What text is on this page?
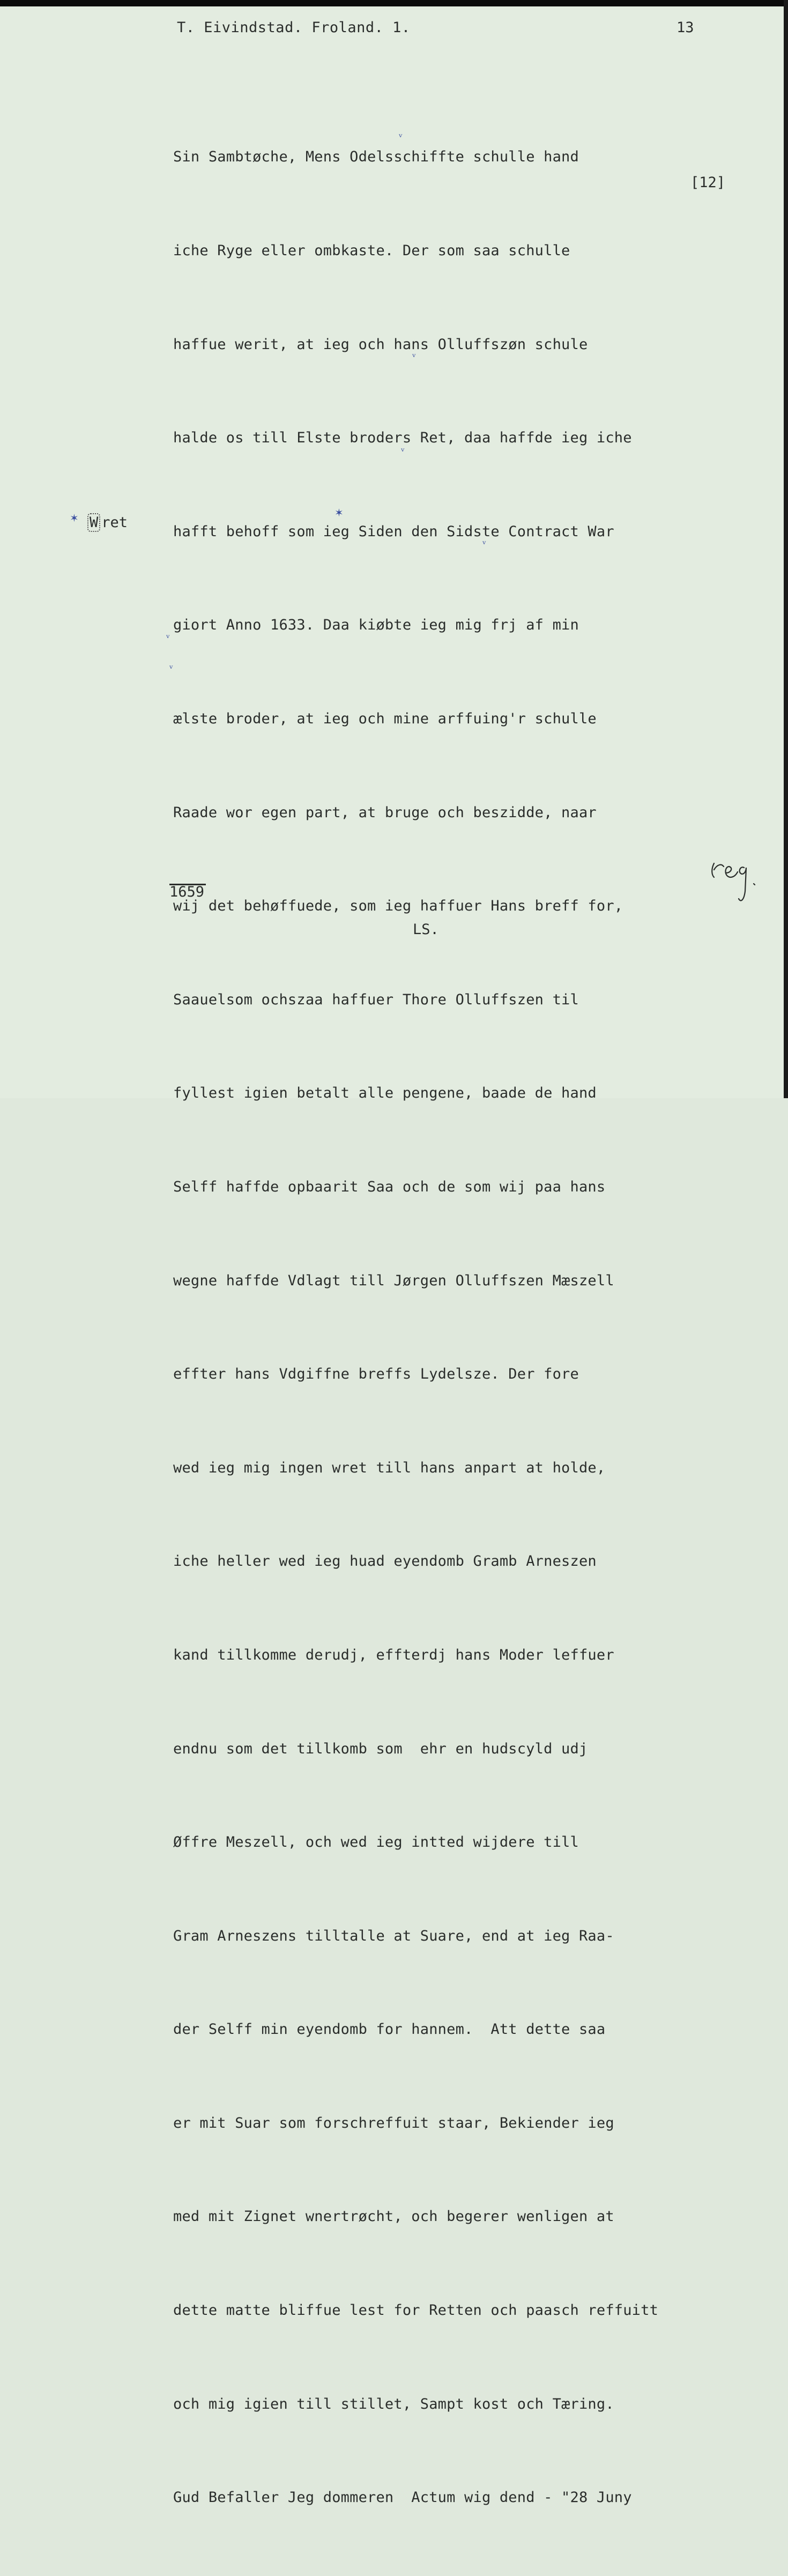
T. Eivindstad. Froland. 1.	13
[12]
✶ W ret

Sin Sambtøche, Mens Odelsschiffte schulle hand

iche Ryge eller ombkaste. Der som saa schulle

haffue werit, at ieg och hans Olluffszøn schule

halde os till Elste broders Ret, daa haffde ieg iche

hafft behoff som ieg Siden den Sidste Contract War

giort Anno 1633. Daa kiøbte ieg mig frj af min

ælste broder, at ieg och mine arffuing'r schulle

Raade wor egen part, at bruge och beszidde, naar

wij det behøffuede, som ieg haffuer Hans breff for,

Saauelsom ochszaa haffuer Thore Olluffszen til

fyllest igien betalt alle pengene, baade de hand

Selff haffde opbaarit Saa och de som wij paa hans

wegne haffde Vdlagt till Jørgen Olluffszen Mæszell

effter hans Vdgiffne breffs Lydelsze. Der fore

wed ieg mig ingen wret till hans anpart at holde,

iche heller wed ieg huad eyendomb Gramb Arneszen

kand tillkomme derudj, effterdj hans Moder leffuer

endnu som det tillkomb som  ehr en hudscyld udj

Øffre Meszell, och wed ieg intted wijdere till

Gram Arneszens tilltalle at Suare, end at ieg Raa-

der Selff min eyendomb for hannem.  Att dette saa

er mit Suar som forschreffuit staar, Bekiender ieg

med mit Zignet wnertrøcht, och begerer wenligen at

dette matte bliffue lest for Retten och paasch reffuitt

och mig igien till stillet, Sampt kost och Tæring.

Gud Befaller Jeg dommeren  Actum wig dend - "28 Juny

ᵛ
ᵛ
ᵛ
✶
ᵛ
ᵛ
ᵛ
1659
LS.
